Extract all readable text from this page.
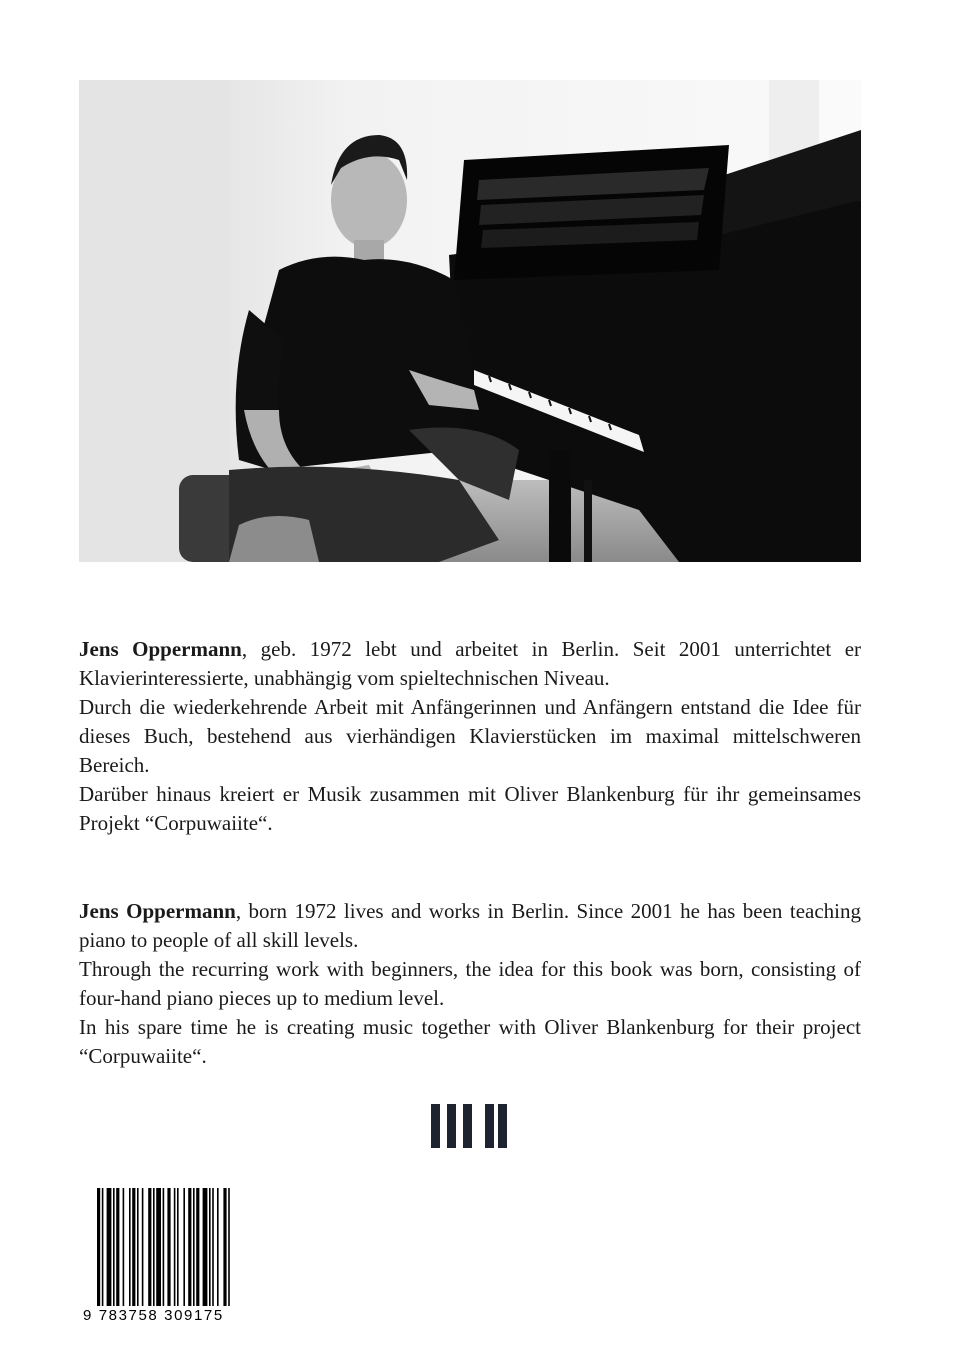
Jens Oppermann, geb. 1972 lebt und arbeitet in Berlin. Seit 2001 unterrichtet er Klavierinteressierte, unabhängig vom spieltechnischen Niveau.

Durch die wiederkehrende Arbeit mit Anfängerinnen und Anfängern entstand die Idee für dieses Buch, bestehend aus vierhändigen Klavierstücken im maximal mittelschweren Bereich.

Darüber hinaus kreiert er Musik zusammen mit Oliver Blankenburg für ihr gemeinsames Projekt “Corpuwaiite“.

Jens Oppermann, born 1972 lives and works in Berlin. Since 2001 he has been teaching piano to people of all skill levels.

Through the recurring work with beginners, the idea for this book was born, consisting of four-hand piano pieces up to medium level.

In his spare time he is creating music together with Oliver Blankenburg for their project “Corpuwaiite“.

9 783758 309175
